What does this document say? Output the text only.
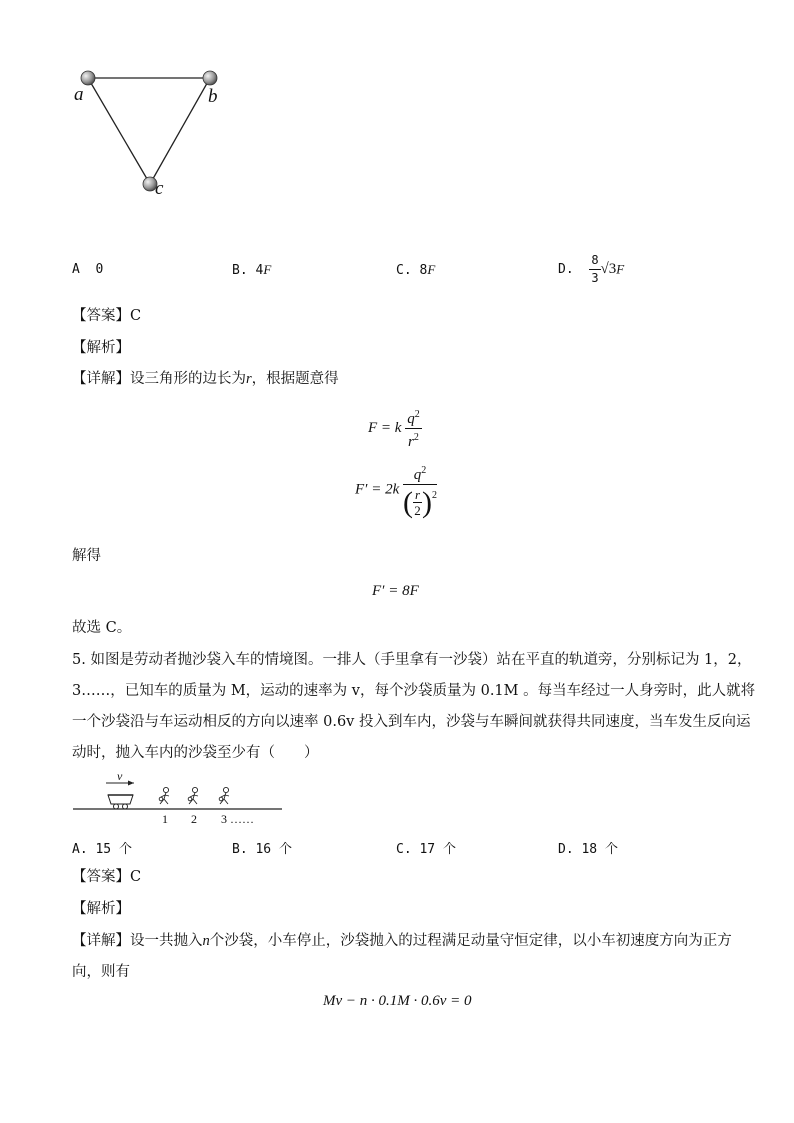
a	b
c
A 0	B. 4F	C. 8F	D. $\frac{8}{3} √3F$
【答案】C
【解析】
【详解】设三角形的边长为r，根据题意得
F = k $\frac{q^2}{r^2}$
$F' = 2k \frac{q^2}{( \frac{r}{2} )^2}$
解得
F′ = 8F
故选 C。
5. 如图是劳动者抛沙袋入车的情境图。一排人（手里拿有一沙袋）站在平直的轨道旁，分别标记为 1，2，
3……，已知车的质量为 M，运动的速率为 v，每个沙袋质量为 0.1M 。每当车经过一人身旁时，此人就将
一个沙袋沿与车运动相反的方向以速率 0.6v 投入到车内，沙袋与车瞬间就获得共同速度，当车发生反向运
动时，抛入车内的沙袋至少有（　　）
v
1 2 3 ……
A. 15 个	B. 16 个	C. 17 个	D. 18 个
【答案】C
【解析】
【详解】设一共抛入n个沙袋，小车停止，沙袋抛入的过程满足动量守恒定律，以小车初速度方向为正方
向，则有
Mv − n · 0.1M · 0.6v = 0
